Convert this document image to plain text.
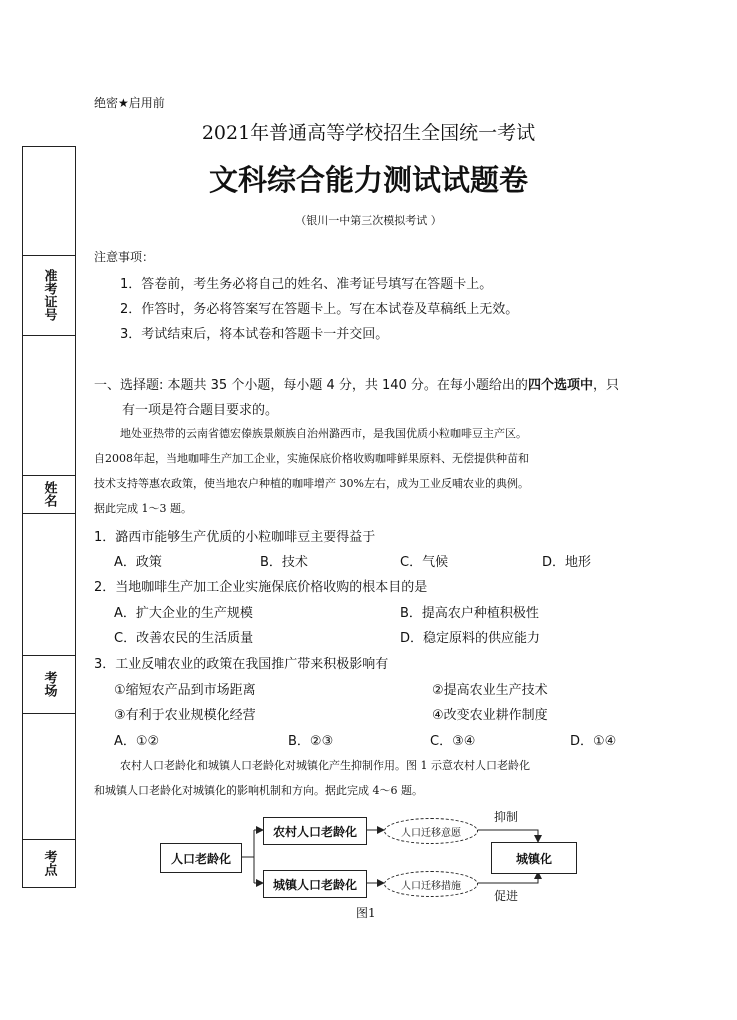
准考证号
姓名
考场
考点
绝密★启用前
2021年普通高等学校招生全国统一考试
文科综合能力测试试题卷
（银川一中第三次模拟考试 ）
注意事项：
1．答卷前，考生务必将自己的姓名、准考证号填写在答题卡上。
2．作答时，务必将答案写在答题卡上。写在本试卷及草稿纸上无效。
3．考试结束后，将本试卷和答题卡一并交回。
一、选择题: 本题共 35 个小题，每小题 4 分，共 140 分。在每小题给出的四个选项中，只
有一项是符合题目要求的。
地处亚热带的云南省德宏傣族景颇族自治州潞西市，是我国优质小粒咖啡豆主产区。
自2008年起，当地咖啡生产加工企业，实施保底价格收购咖啡鲜果原料、无偿提供种苗和
技术支持等惠农政策，使当地农户种植的咖啡增产 30%左右，成为工业反哺农业的典例。
据此完成 1～3 题。
1．潞西市能够生产优质的小粒咖啡豆主要得益于
A．政策	B．技术	C．气候	D．地形
2．当地咖啡生产加工企业实施保底价格收购的根本目的是
A．扩大企业的生产规模	B．提高农户种植积极性
C．改善农民的生活质量	D．稳定原料的供应能力
3．工业反哺农业的政策在我国推广带来积极影响有
①缩短农产品到市场距离	②提高农业生产技术
③有利于农业规模化经营	④改变农业耕作制度
A．①②	B．②③	C．③④	D．①④
农村人口老龄化和城镇人口老龄化对城镇化产生抑制作用。图 1 示意农村人口老龄化
和城镇人口老龄化对城镇化的影响机制和方向。据此完成 4～6 题。
人口老龄化
农村人口老龄化
城镇人口老龄化
人口迁移意愿
人口迁移措施
城镇化
抑制
促进
图1
